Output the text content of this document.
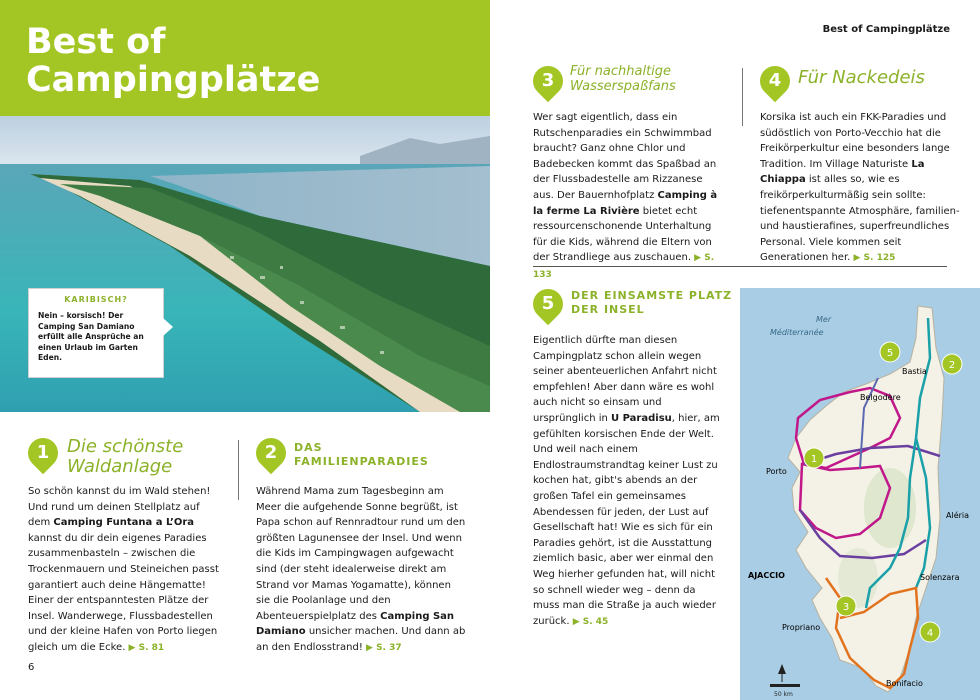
Best of
Campingplätze
KARIBISCH?
Nein – korsisch! Der Camping San Damiano erfüllt alle Ansprüche an einen Urlaub im Garten Eden.
1 Die schönste
Waldanlage
So schön kannst du im Wald stehen! Und rund um deinen Stellplatz auf dem Camping Funtana a L’Ora kannst du dir dein eigenes Paradies zusammenbasteln – zwischen die Trockenmauern und Steineichen passt garantiert auch deine Hängematte! Einer der entspanntesten Plätze der Insel. Wanderwege, Flussbadestellen und der kleine Hafen von Porto liegen gleich um die Ecke. ▶ S. 81
2	DAS
FAMILIENPARADIES
Während Mama zum Tagesbeginn am Meer die aufgehende Sonne begrüßt, ist Papa schon auf Rennradtour rund um den größten Lagunensee der Insel. Und wenn die Kids im Campingwagen aufgewacht sind (der steht idealerweise direkt am Strand vor Mamas Yogamatte), können sie die Poolanlage und den Abenteuerspielplatz des Camping San Damiano unsicher machen. Und dann ab an den Endlosstrand! ▶ S. 37
6
Best of Campingplätze
3	Für nachhaltige
Wasserspaßfans
Wer sagt eigentlich, dass ein Rutschenparadies ein Schwimmbad braucht? Ganz ohne Chlor und Badebecken kommt das Spaßbad an der Flussbadestelle am Rizzanese aus. Der Bauernhofplatz Camping à la ferme La Rivière bietet echt ressourcenschonende Unterhaltung für die Kids, während die Eltern von der Strandliege aus zuschauen. ▶ S. 133
4 Für Nackedeis
Korsika ist auch ein FKK-Paradies und südöstlich von Porto-Vecchio hat die Freikörperkultur eine besonders lange Tradition. Im Village Naturiste La Chiappa ist alles so, wie es freikörperkulturmäßig sein sollte: tiefenentspannte Atmosphäre, familien- und haustierafines, superfreundliches Personal. Viele kommen seit Generationen her. ▶ S. 125
5	DER EINSAMSTE PLATZ
DER INSEL
Eigentlich dürfte man diesen Campingplatz schon allein wegen seiner abenteuerlichen Anfahrt nicht empfehlen! Aber dann wäre es wohl auch nicht so einsam und ursprünglich in U Paradisu, hier, am gefühlten korsischen Ende der Welt. Und weil nach einem Endlostraumstrandtag keiner Lust zu kochen hat, gibt's abends an der großen Tafel ein gemeinsames Abendessen für jeden, der Lust auf Gesellschaft hat! Wie es sich für ein Paradies gehört, ist die Ausstattung ziemlich basic, aber wer einmal den Weg hierher gefunden hat, will nicht so schnell wieder weg – denn da muss man die Straße ja auch wieder zurück. ▶ S. 45
Mer
Méditerranée
Bastia
Belgodère
Porto
Aléria
AJACCIO	Solenzara
Propriano
Bonifacio
5
2
1
3
4
50 km
